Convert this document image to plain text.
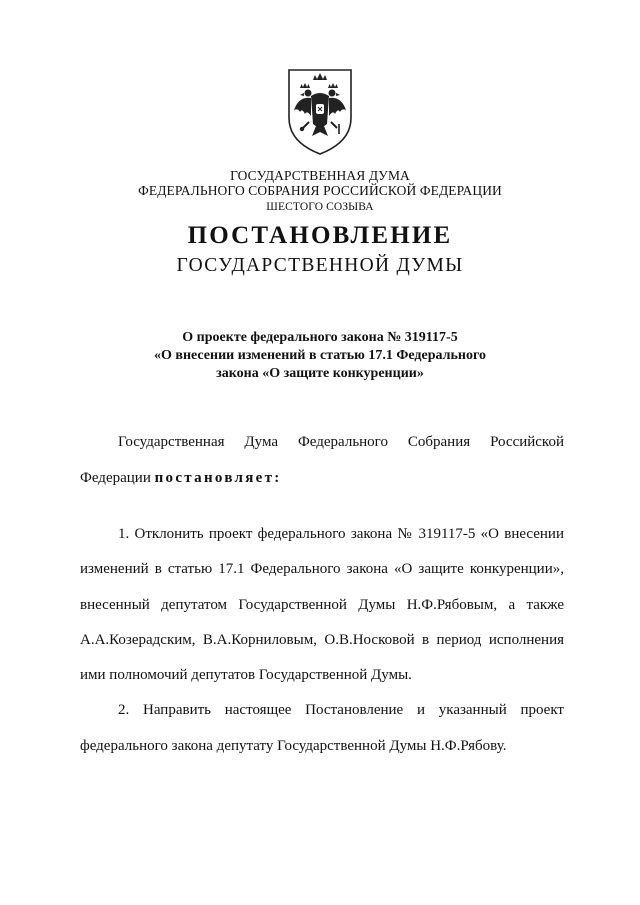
ГОСУДАРСТВЕННАЯ ДУМА
ФЕДЕРАЛЬНОГО СОБРАНИЯ РОССИЙСКОЙ ФЕДЕРАЦИИ
ШЕСТОГО СОЗЫВА
ПОСТАНОВЛЕНИЕ
ГОСУДАРСТВЕННОЙ ДУМЫ
О проекте федерального закона № 319117-5
«О внесении изменений в статью 17.1 Федерального
закона «О защите конкуренции»
Государственная Дума Федерального Собрания Российской
Федерации постановляет:
1. Отклонить проект федерального закона № 319117-5 «О внесении
изменений в статью 17.1 Федерального закона «О защите конкуренции»,
внесенный депутатом Государственной Думы Н.Ф.Рябовым, а также
А.А.Козерадским, В.А.Корниловым, О.В.Носковой в период исполнения
ими полномочий депутатов Государственной Думы.
2. Направить настоящее Постановление и указанный проект
федерального закона депутату Государственной Думы Н.Ф.Рябову.
